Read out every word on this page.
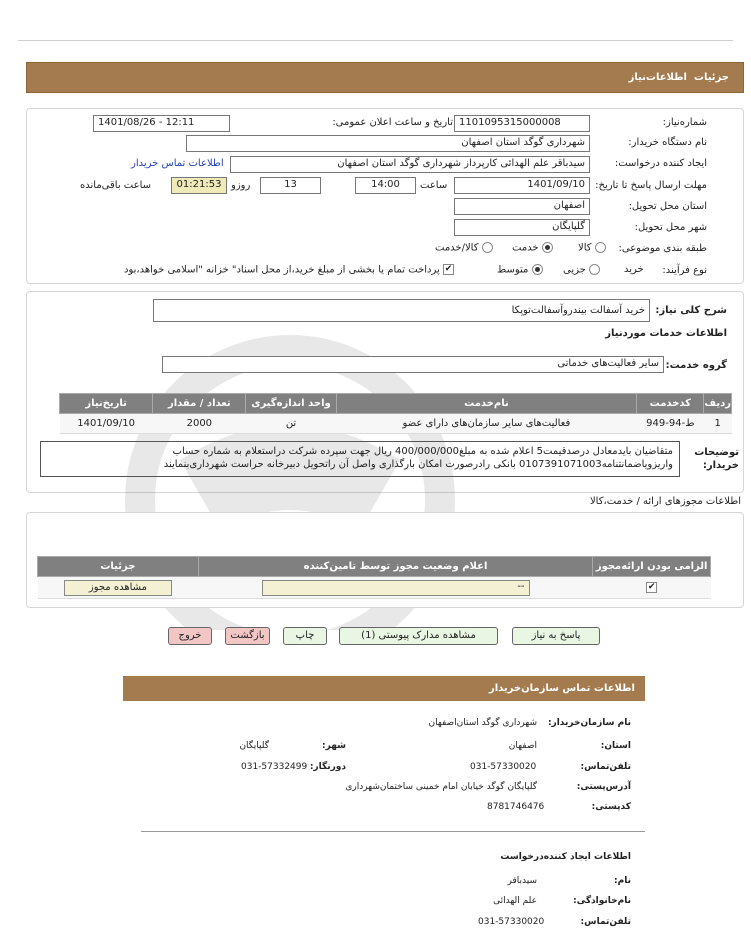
جزئیات
اطلاعات‌نیاز
شماره‌نیاز:
1101095315000008
تاریخ و ساعت اعلان عمومی:
1401/08/26 - 12:11
نام دستگاه خریدار:
شهرداری گوگد استان اصفهان
ایجاد کننده درخواست:
سیدباقر علم الهدائی کارپرداز شهرداری گوگد استان اصفهان
اطلاعات تماس خریدار
مهلت ارسال پاسخ تا تاریخ:
1401/09/10
ساعت
14:00
13
روزو
01:21:53
ساعت باقی‌مانده
استان محل تحویل:
اصفهان
شهر محل تحویل:
گلپایگان
طبقه بندی موضوعی:
کالا
خدمت
کالا/خدمت
نوع فرآیند:
خرید
جزیی
متوسط
✔ پرداخت تمام یا بخشی از مبلغ خرید،از محل اسناد" خزانه "اسلامی خواهد،بود
شرح کلی نیاز:
خرید آسفالت بیندروآسفالت‌توپکا
اطلاعات خدمات موردنیاز
گروه خدمت:
سایر فعالیت‌های خدماتی
ردیف	کدخدمت	نام‌خدمت	واحد اندازه‌گیری	تعداد / مقدار	تاریخ‌نیاز
1	ط-94-949	فعالیت‌های سایر سازمان‌های دارای عضو	تن	2000	1401/09/10
توضیحات خریدار:
متقاضیان بایدمعادل درصدقیمت5 اعلام شده به مبلغ400/000/000 ریال جهت سپرده شرکت دراستعلام به شماره حساب
واریزویاضمانتنامه0107391071003 بانکی رادرصورت امکان بارگذاری واصل آن راتحویل دبیرخانه حراست شهرداری‌بنمایند
اطلاعات مجوزهای ارائه / خدمت،کالا
الزامی بودن ارائه‌مجوز	اعلام وضعیت مجوز توسط تامین‌کننده	جزئیات
✔	--	مشاهده مجوز
پاسخ به نیاز
مشاهده مدارک پیوستی (1)
چاپ
بازگشت
خروج
اطلاعات تماس سازمان‌خریدار
نام سازمان‌خریدار:
شهرداری گوگد استان‌اصفهان
استان:
اصفهان
شهر:
گلپایگان
تلفن‌تماس:
031-57330020
دورنگار:
031-57332499
آدرس‌پستی:
گلپایگان گوگد خیابان امام خمینی ساختمان‌شهرداری
کدپستی:
8781746476
اطلاعات ایجاد کننده‌درخواست
نام:
سیدباقر
نام‌خانوادگی:
علم الهدائی
تلفن‌تماس:
031-57330020
